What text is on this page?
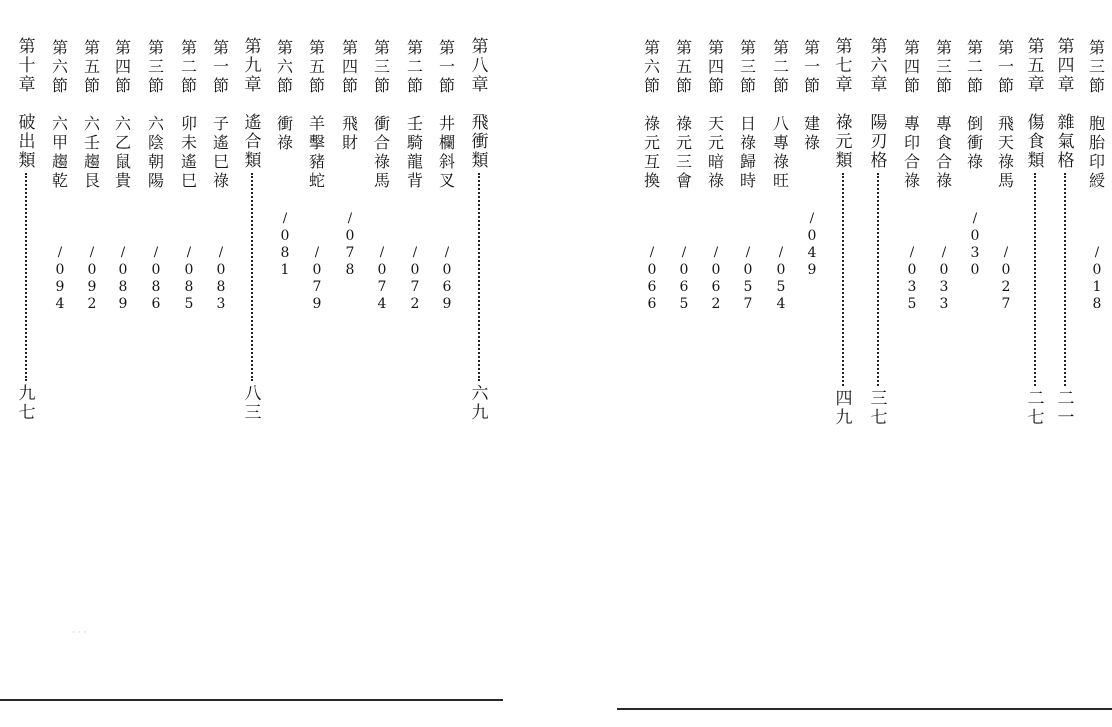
· · ·
第
八
章
飛
衝
類
六
九
第
一
節
井
欄
斜
叉
/
0
6
9
第
二
節
壬
騎
龍
背
/
0
7
2
第
三
節
衝
合
祿
馬
/
0
7
4
第
四
節
飛
財
/
0
7
8
第
五
節
羊
擊
豬
蛇
/
0
7
9
第
六
節
衝
祿
/
0
8
1
第
九
章
遙
合
類
八
三
第
一
節
子
遙
巳
祿
/
0
8
3
第
二
節
卯
未
遙
巳
/
0
8
5
第
三
節
六
陰
朝
陽
/
0
8
6
第
四
節
六
乙
鼠
貴
/
0
8
9
第
五
節
六
壬
趨
艮
/
0
9
2
第
六
節
六
甲
趨
乾
/
0
9
4
第
十
章
破
出
類
九
七
第
三
節
胞
胎
印
綬
/
0
1
8
第
四
章
雜
氣
格
二
一
第
五
章
傷
食
類
二
七
第
一
節
飛
天
祿
馬
/
0
2
7
第
二
節
倒
衝
祿
/
0
3
0
第
三
節
專
食
合
祿
/
0
3
3
第
四
節
專
印
合
祿
/
0
3
5
第
六
章
陽
刃
格
三
七
第
七
章
祿
元
類
四
九
第
一
節
建
祿
/
0
4
9
第
二
節
八
專
祿
旺
/
0
5
4
第
三
節
日
祿
歸
時
/
0
5
7
第
四
節
天
元
暗
祿
/
0
6
2
第
五
節
祿
元
三
會
/
0
6
5
第
六
節
祿
元
互
換
/
0
6
6
